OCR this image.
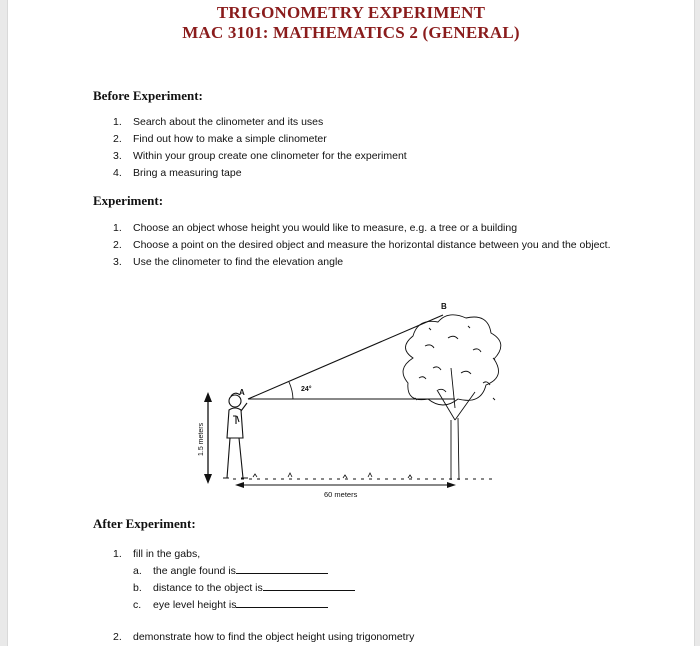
TRIGONOMETRY EXPERIMENT
MAC 3101: MATHEMATICS 2 (GENERAL)
Before Experiment:
1. Search about the clinometer and its uses
2. Find out how to make a simple clinometer
3. Within your group create one clinometer for the experiment
4. Bring a measuring tape
Experiment:
1. Choose an object whose height you would like to measure, e.g. a tree or a building
2. Choose a point on the desired object and measure the horizontal distance between you and the object.
3. Use the clinometer to find the elevation angle
1.5 meters
60 meters
24°
A
B
After Experiment:
1. fill in the gabs,
a. the angle found is
b. distance to the object is
c. eye level height is
2. demonstrate how to find the object height using trigonometry
